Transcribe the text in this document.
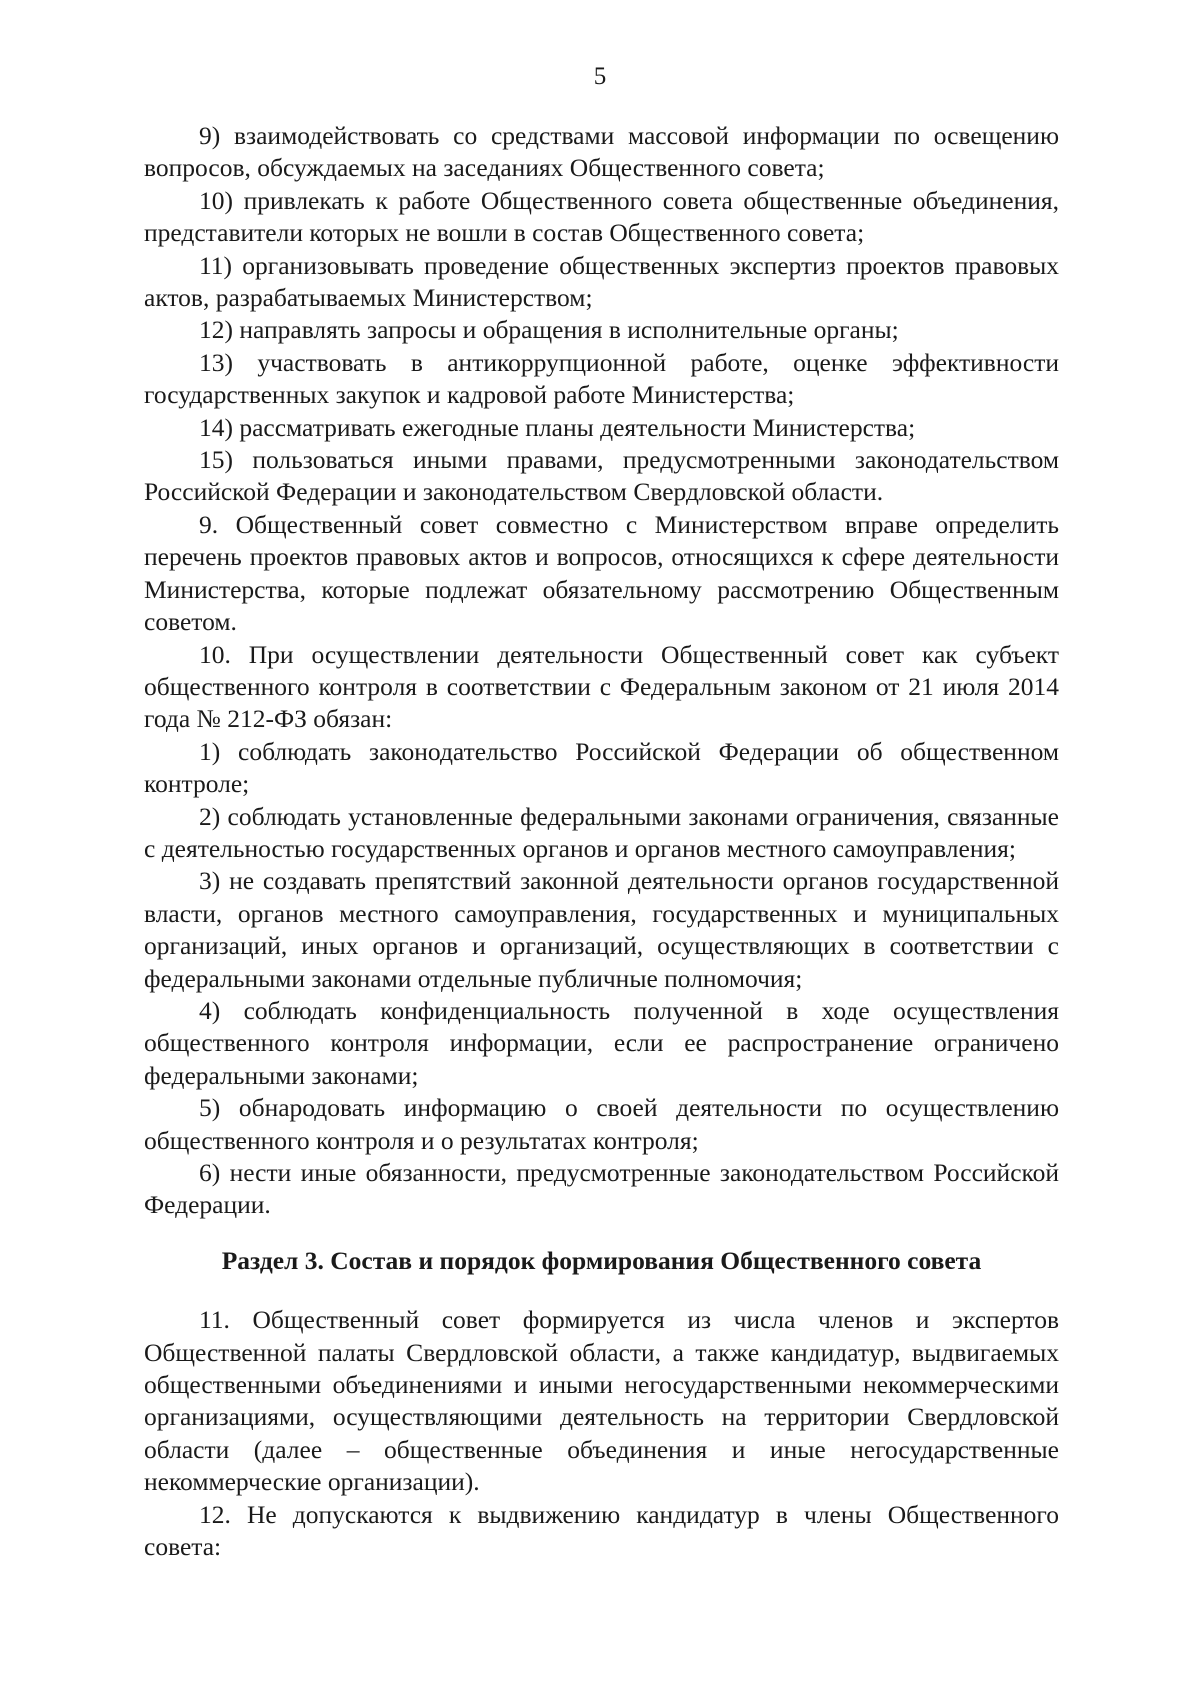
5

9) взаимодействовать со средствами массовой информации по освещению вопросов, обсуждаемых на заседаниях Общественного совета;

10) привлекать к работе Общественного совета общественные объединения, представители которых не вошли в состав Общественного совета;

11) организовывать проведение общественных экспертиз проектов правовых актов, разрабатываемых Министерством;

12) направлять запросы и обращения в исполнительные органы;

13) участвовать в антикоррупционной работе, оценке эффективности государственных закупок и кадровой работе Министерства;

14) рассматривать ежегодные планы деятельности Министерства;

15) пользоваться иными правами, предусмотренными законодательством Российской Федерации и законодательством Свердловской области.

9. Общественный совет совместно с Министерством вправе определить перечень проектов правовых актов и вопросов, относящихся к сфере деятельности Министерства, которые подлежат обязательному рассмотрению Общественным советом.

10. При осуществлении деятельности Общественный совет как субъект общественного контроля в соответствии с Федеральным законом от 21 июля 2014 года № 212-ФЗ обязан:

1) соблюдать законодательство Российской Федерации об общественном контроле;

2) соблюдать установленные федеральными законами ограничения, связанные с деятельностью государственных органов и органов местного самоуправления;

3) не создавать препятствий законной деятельности органов государственной власти, органов местного самоуправления, государственных и муниципальных организаций, иных органов и организаций, осуществляющих в соответствии с федеральными законами отдельные публичные полномочия;

4) соблюдать конфиденциальность полученной в ходе осуществления общественного контроля информации, если ее распространение ограничено федеральными законами;

5) обнародовать информацию о своей деятельности по осуществлению общественного контроля и о результатах контроля;

6) нести иные обязанности, предусмотренные законодательством Российской Федерации.

Раздел 3. Состав и порядок формирования Общественного совета

11. Общественный совет формируется из числа членов и экспертов Общественной палаты Свердловской области, а также кандидатур, выдвигаемых общественными объединениями и иными негосударственными некоммерческими организациями, осуществляющими деятельность на территории Свердловской области (далее – общественные объединения и иные негосударственные некоммерческие организации).

12. Не допускаются к выдвижению кандидатур в члены Общественного совета:
